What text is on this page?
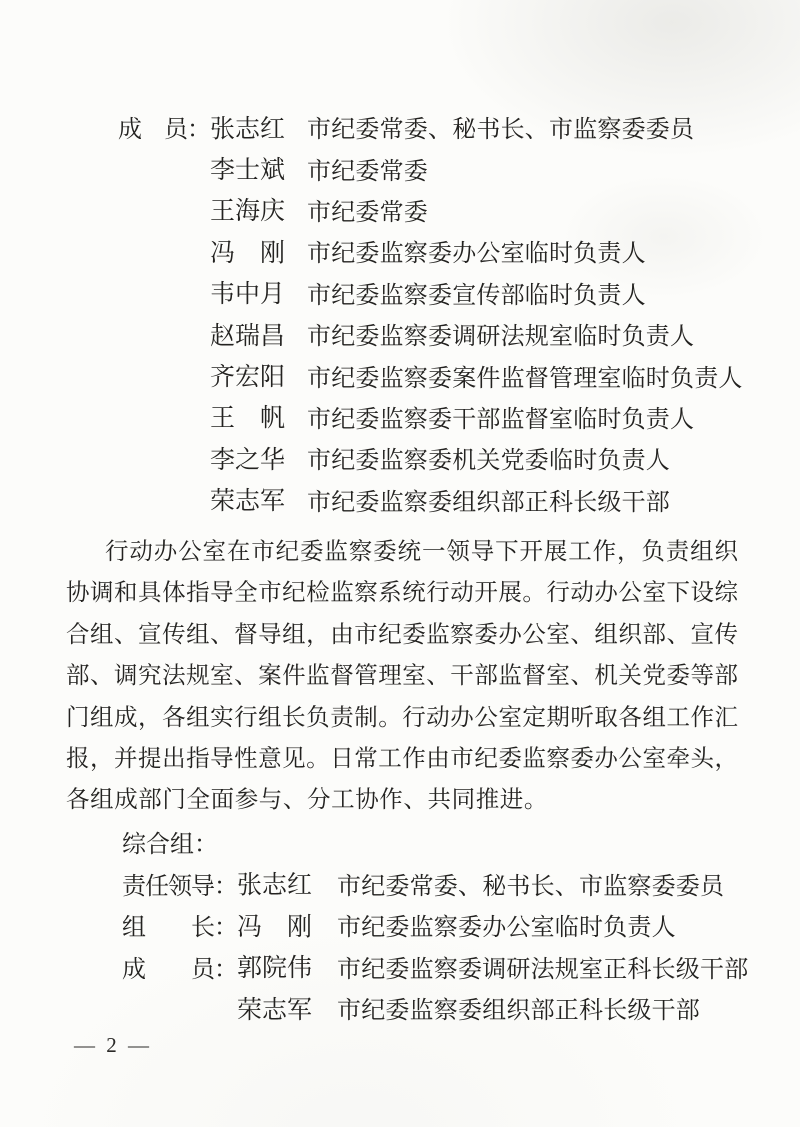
成　员： 张志红 市纪委常委、秘书长、市监察委委员
李士斌 市纪委常委
王海庆 市纪委常委
冯　刚 市纪委监察委办公室临时负责人
韦中月 市纪委监察委宣传部临时负责人
赵瑞昌 市纪委监察委调研法规室临时负责人
齐宏阳 市纪委监察委案件监督管理室临时负责人
王　帆 市纪委监察委干部监督室临时负责人
李之华 市纪委监察委机关党委临时负责人
荣志军 市纪委监察委组织部正科长级干部
行动办公室在市纪委监察委统一领导下开展工作，负责组织
协调和具体指导全市纪检监察系统行动开展。行动办公室下设综
合组、宣传组、督导组，由市纪委监察委办公室、组织部、宣传
部、调究法规室、案件监督管理室、干部监督室、机关党委等部
门组成，各组实行组长负责制。行动办公室定期听取各组工作汇
报，并提出指导性意见。日常工作由市纪委监察委办公室牵头，
各组成部门全面参与、分工协作、共同推进。
综合组：
责任领导： 张志红	市纪委常委、秘书长、市监察委委员
组　　长： 冯　刚	市纪委监察委办公室临时负责人
成　　员： 郭院伟	市纪委监察委调研法规室正科长级干部
荣志军	市纪委监察委组织部正科长级干部
— 2 —
